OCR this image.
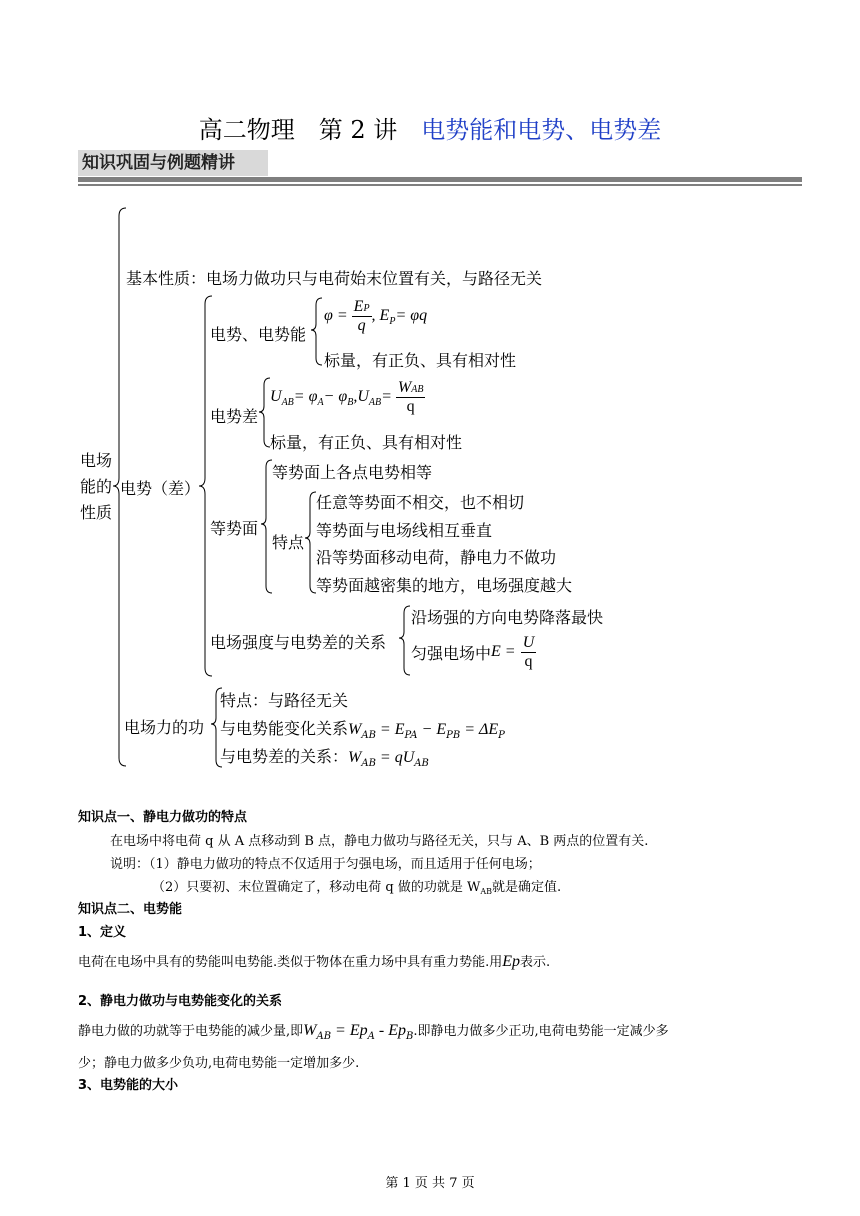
高二物理　第 2 讲　电势能和电势、电势差
知识巩固与例题精讲
电场能的性质
基本性质：电场力做功只与电荷始末位置有关，与路径无关
电势（差）
电势、电势能
φ =
$\frac{EP}{q}$ , E P = φq
标量，有正负、具有相对性
电势差
U AB = φ A − φ B , U AB =
$\frac{\text{WAB}}{q}$
标量，有正负、具有相对性
等势面
等势面上各点电势相等
特点
任意等势面不相交，也不相切
等势面与电场线相互垂直
沿等势面移动电荷，静电力不做功
等势面越密集的地方，电场强度越大
电场强度与电势差的关系
沿场强的方向电势降落最快
匀强电场中 E =
$\frac{U}{q}$
电场力的功
特点：与路径无关
与电势能变化关系$W_{AB} = E_{PA} - E_{PB} = \Delta E_P$
与电势差的关系：$W_{AB} = qU_{AB}$
知识点一、静电力做功的特点
在电场中将电荷 q 从 A 点移动到 B 点，静电力做功与路径无关，只与 A、B 两点的位置有关.
说明：（1）静电力做功的特点不仅适用于匀强电场，而且适用于任何电场；
（2）只要初、末位置确定了，移动电荷 q 做的功就是 $W_{AB}$就是确定值.
知识点二、电势能
1、定义
电荷在电场中具有的势能叫电势能.类似于物体在重力场中具有重力势能.用Ep表示.
2、静电力做功与电势能变化的关系
静电力做的功就等于电势能的减少量,即$W_{AB} = Ep_A - Ep_B$.即静电力做多少正功,电荷电势能一定减少多
少；静电力做多少负功,电荷电势能一定增加多少.
3、电势能的大小
第 1 页 共 7 页
